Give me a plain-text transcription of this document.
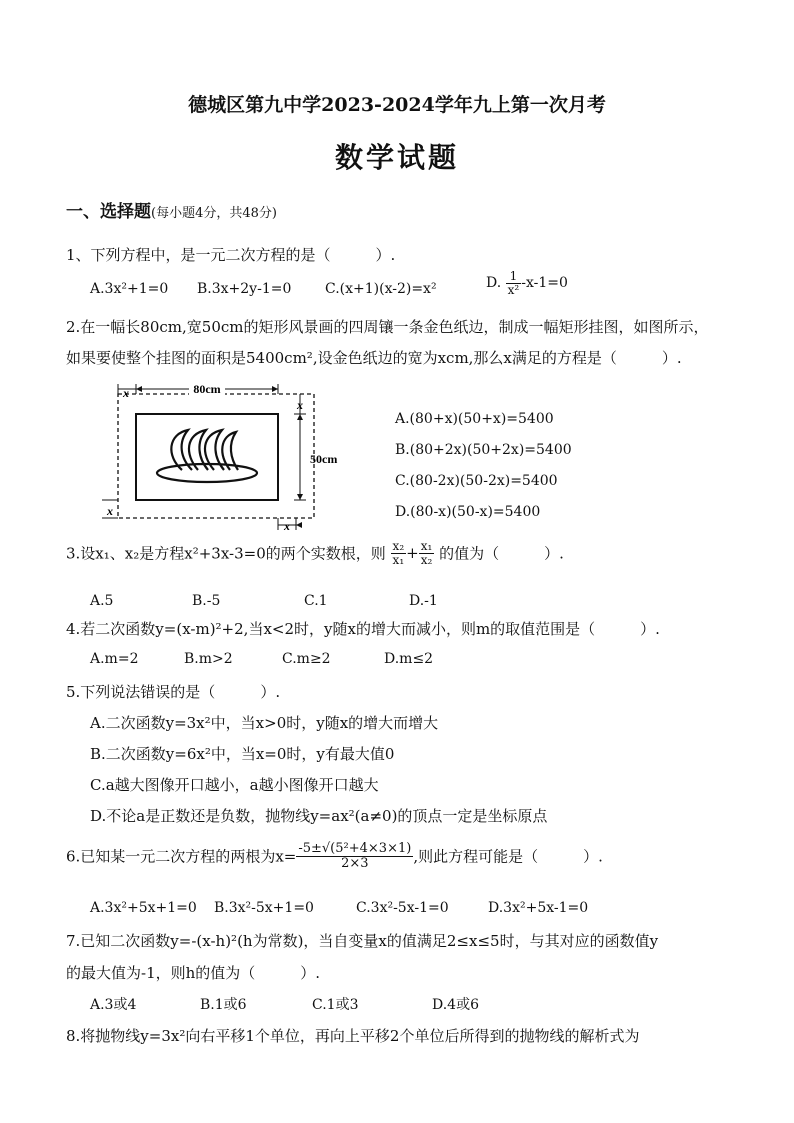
德城区第九中学2023-2024学年九上第一次月考
数学试题
一、选择题(每小题4分，共48分)
1、下列方程中，是一元二次方程的是（　　　）.
A.3x²+1=0 B.3x+2y-1=0 C.(x+1)(x-2)=x²	D. $\frac{1}{\text{x²}} -x-1=0$
2.在一幅长80cm,宽50cm的矩形风景画的四周镶一条金色纸边，制成一幅矩形挂图，如图所示，
如果要使整个挂图的面积是5400cm²,设金色纸边的宽为xcm,那么x满足的方程是（　　　）.
80cm
x
x
50cm
x
x
A.(80+x)(50+x)=5400
B.(80+2x)(50+2x)=5400
C.(80-2x)(50-2x)=5400
D.(80-x)(50-x)=5400
3.设x₁、x₂是方程x²+3x-3=0的两个实数根，则 $\frac{\text{x₂}}{\text{x₁}} + \frac{\text{x₁}}{\text{x₂}}$ 的值为（　　　）.
A.5	B.-5	C.1	D.-1
4.若二次函数y=(x-m)²+2,当x<2时，y随x的增大而减小，则m的取值范围是（　　　）.
A.m=2	B.m>2	C.m≥2	D.m≤2
5.下列说法错误的是（　　　）.
A.二次函数y=3x²中，当x>0时，y随x的增大而增大
B.二次函数y=6x²中，当x=0时，y有最大值0
C.a越大图像开口越小，a越小图像开口越大
D.不论a是正数还是负数，抛物线y=ax²(a≠0)的顶点一定是坐标原点
6.已知某一元二次方程的两根为$x= \frac{\text{-5±√(5²+4×3×1)}}{2\times 3}$ ,则此方程可能是（　　　）.
A.3x²+5x+1=0 B.3x²-5x+1=0	C.3x²-5x-1=0	D.3x²+5x-1=0
7.已知二次函数y=-(x-h)²(h为常数)，当自变量x的值满足2≤x≤5时，与其对应的函数值y
的最大值为-1，则h的值为（　　　）.
A.3或4	B.1或6	C.1或3	D.4或6
8.将抛物线y=3x²向右平移1个单位，再向上平移2个单位后所得到的抛物线的解析式为
